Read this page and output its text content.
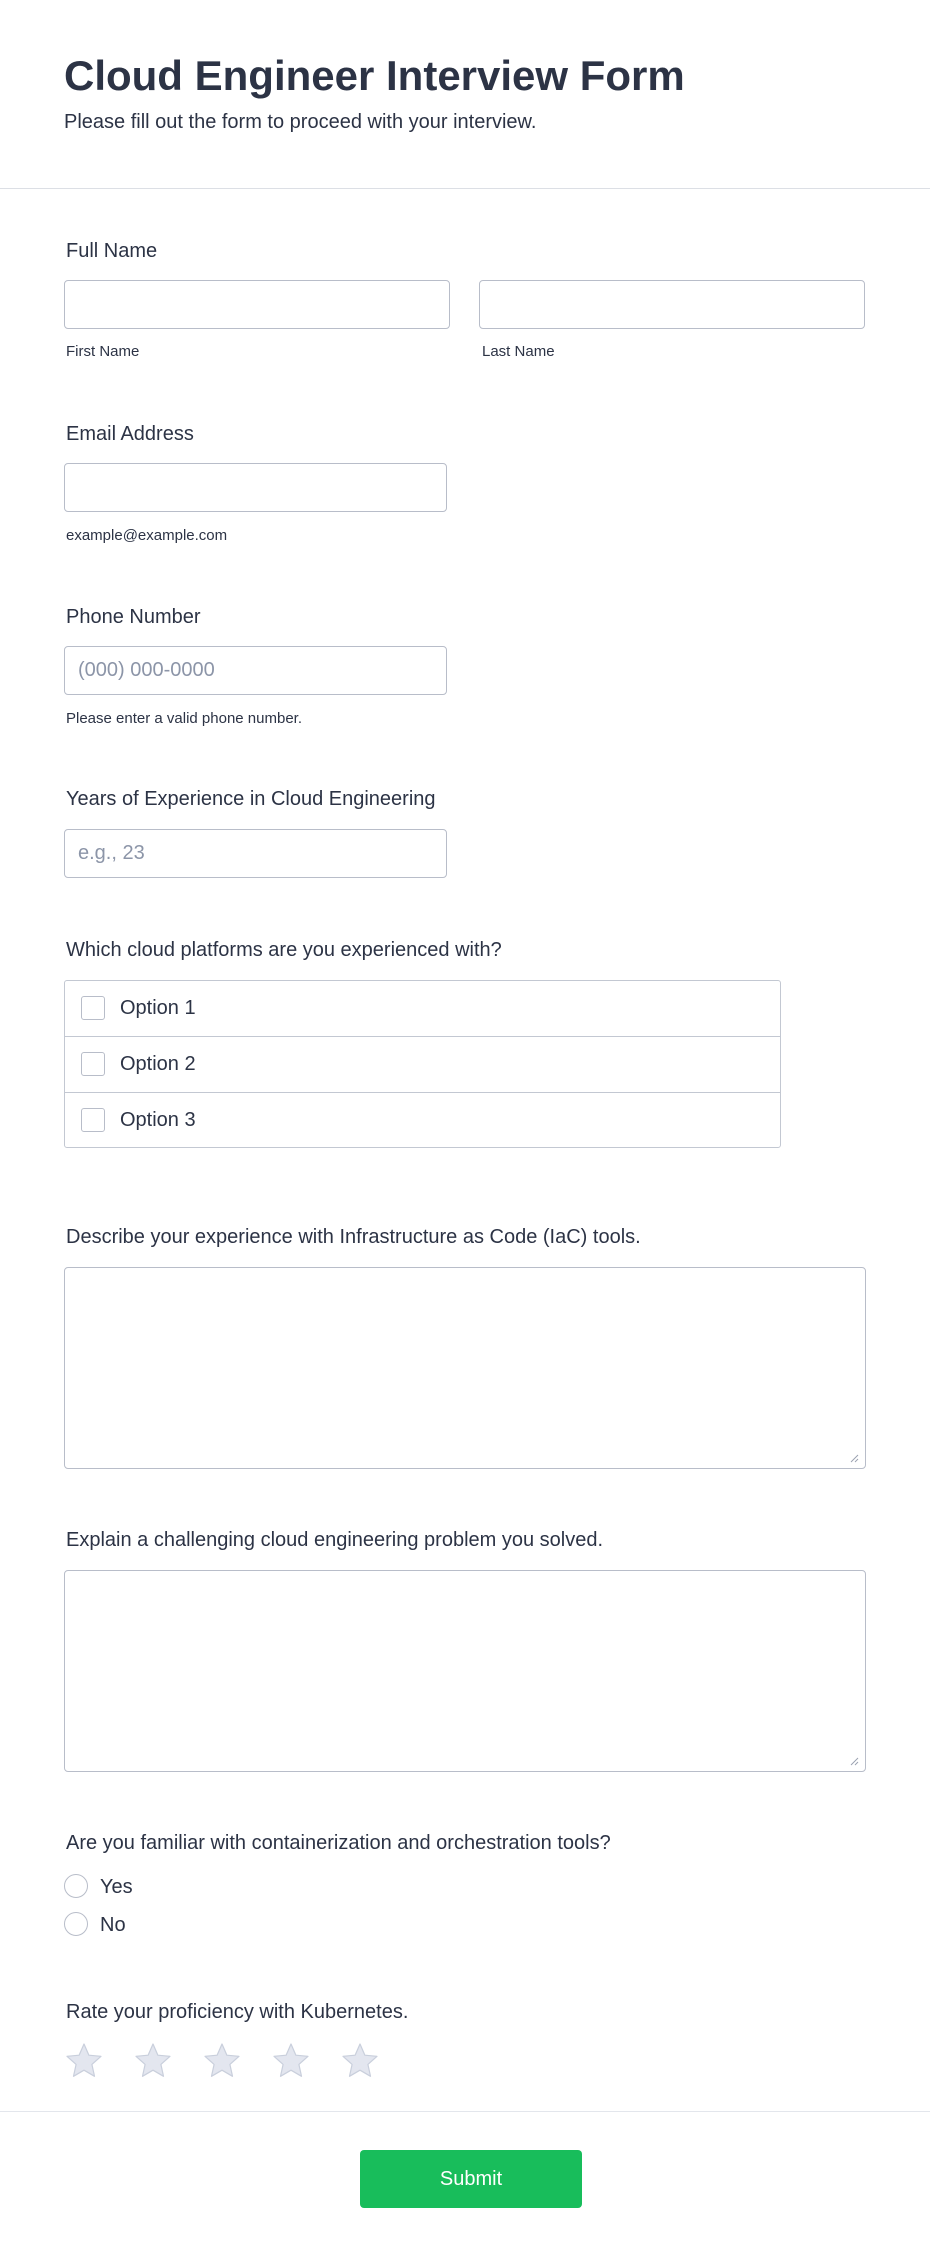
Cloud Engineer Interview Form
Please fill out the form to proceed with your interview.
Full Name
First Name	Last Name
Email Address
example@example.com
Phone Number
(000) 000-0000
Please enter a valid phone number.
Years of Experience in Cloud Engineering
e.g., 23
Which cloud platforms are you experienced with?
Option 1
Option 2
Option 3
Describe your experience with Infrastructure as Code (IaC) tools.
Explain a challenging cloud engineering problem you solved.
Are you familiar with containerization and orchestration tools?
Yes
No
Rate your proficiency with Kubernetes.
Submit
